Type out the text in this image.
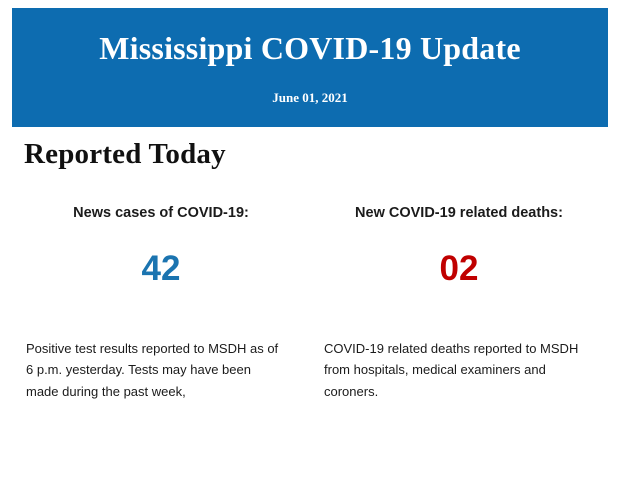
Mississippi COVID-19 Update
June 01, 2021
Reported Today
News cases of COVID-19:
42
New COVID-19 related deaths:
02
Positive test results reported to MSDH as of 6 p.m. yesterday. Tests may have been made during the past week,
COVID-19 related deaths reported to MSDH from hospitals, medical examiners and coroners.
